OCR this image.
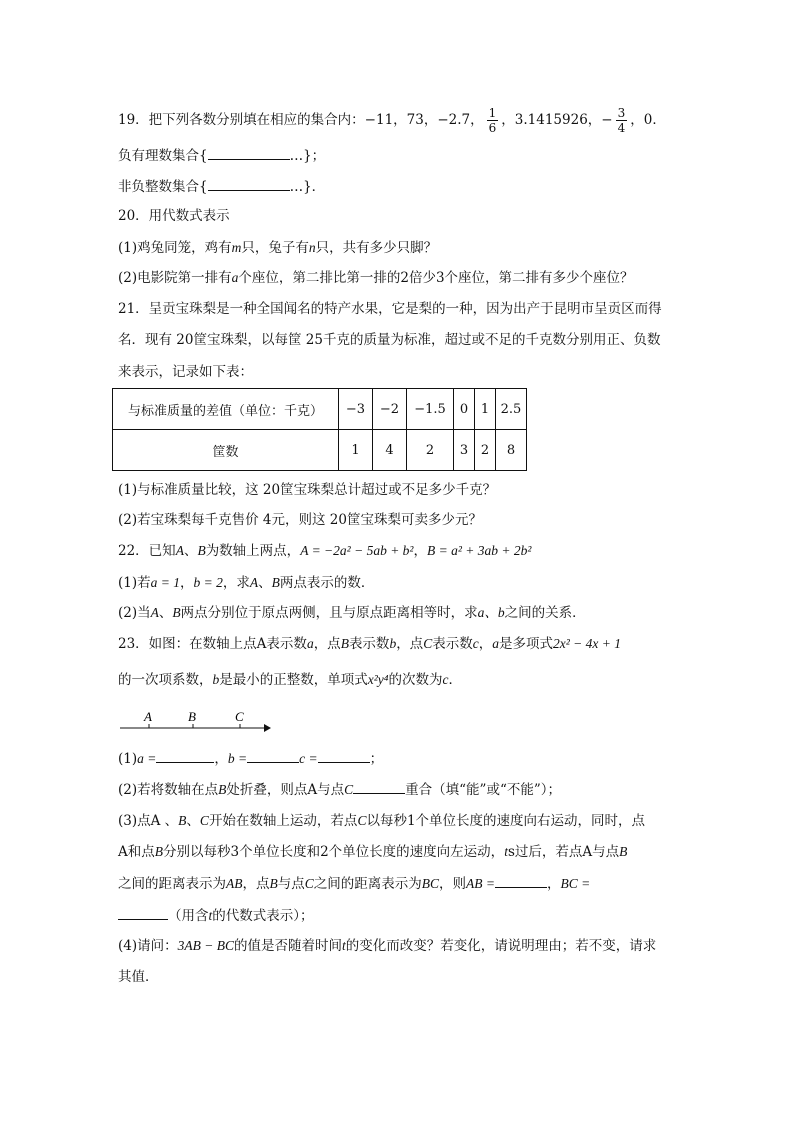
19．把下列各数分别填在相应的集合内：−11，73，−2.7， $\frac{1}{6}$ ，3.1415926，− $\frac{3}{4}$ ，0．
负有理数集合{	…}；
非负整数集合{	…}．
20．用代数式表示
(1)鸡兔同笼，鸡有m只，兔子有n只，共有多少只脚？
(2)电影院第一排有a个座位，第二排比第一排的2倍少3个座位，第二排有多少个座位？
21．呈贡宝珠梨是一种全国闻名的特产水果，它是梨的一种，因为出产于昆明市呈贡区而得
名．现有 20筐宝珠梨，以每筐 25千克的质量为标准，超过或不足的千克数分别用正、负数
来表示，记录如下表：
与标准质量的差值（单位：千克）	−3	−2	−1.5	0	1	2.5
筐数	1	4	2	3	2	8
(1)与标准质量比较，这 20筐宝珠梨总计超过或不足多少千克？
(2)若宝珠梨每千克售价 4元，则这 20筐宝珠梨可卖多少元？
22．已知A、B为数轴上两点，A = −2a² − 5ab + b²，B = a² + 3ab + 2b²
(1)若a = 1，b = 2，求A、B两点表示的数．
(2)当A、B两点分别位于原点两侧，且与原点距离相等时，求a、b之间的关系．
23．如图：在数轴上点A表示数a，点B表示数b，点C表示数c，a是多项式2x² − 4x + 1
的一次项系数，b是最小的正整数，单项式x²y⁴的次数为c．
A	B	C
(1)a =	，b =	c =	；
(2)若将数轴在点B处折叠，则点A与点C	重合（填“能”或“不能”）；
(3)点A 、B、C开始在数轴上运动，若点C以每秒1个单位长度的速度向右运动，同时，点
A和点B分别以每秒3个单位长度和2个单位长度的速度向左运动，ts过后，若点A与点B
之间的距离表示为AB，点B与点C之间的距离表示为BC，则AB =	，BC =
（用含t的代数式表示）；
(4)请问：3AB − BC的值是否随着时间t的变化而改变？若变化，请说明理由；若不变，请求
其值．
